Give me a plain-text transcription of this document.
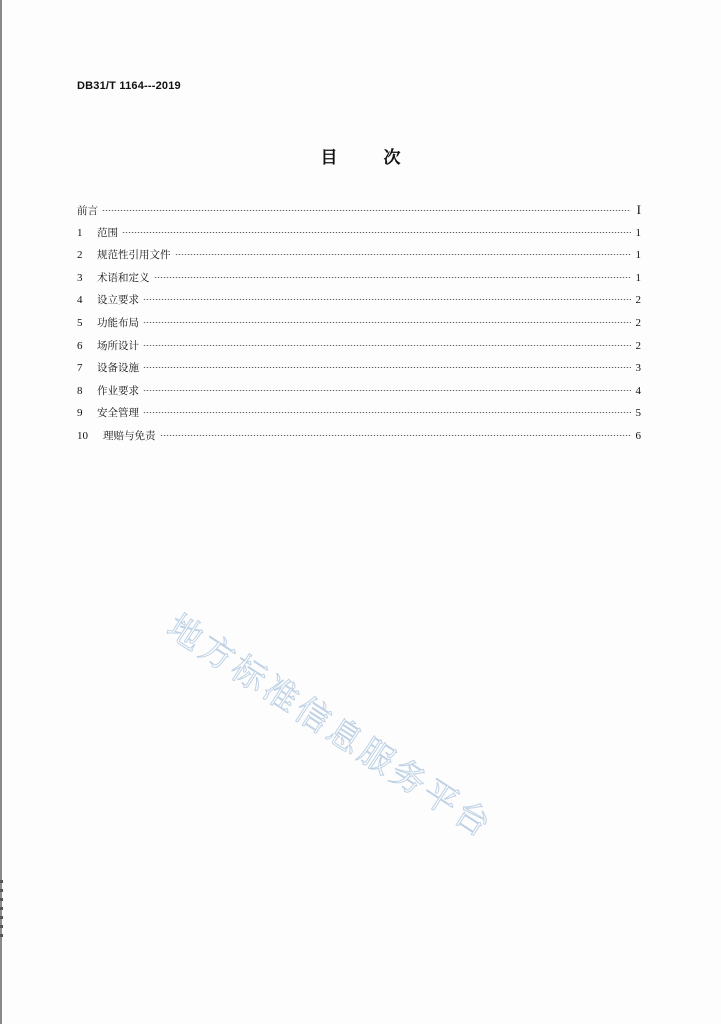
DB31/T 1164---2019
目	次
前言	I
1	范围	1
2	规范性引用文件	1
3	术语和定义	1
4	设立要求	2
5	功能布局	2
6	场所设计	2
7	设备设施	3
8	作业要求	4
9	安全管理	5
10	理赔与免责	6
地方标准信息服务平台
